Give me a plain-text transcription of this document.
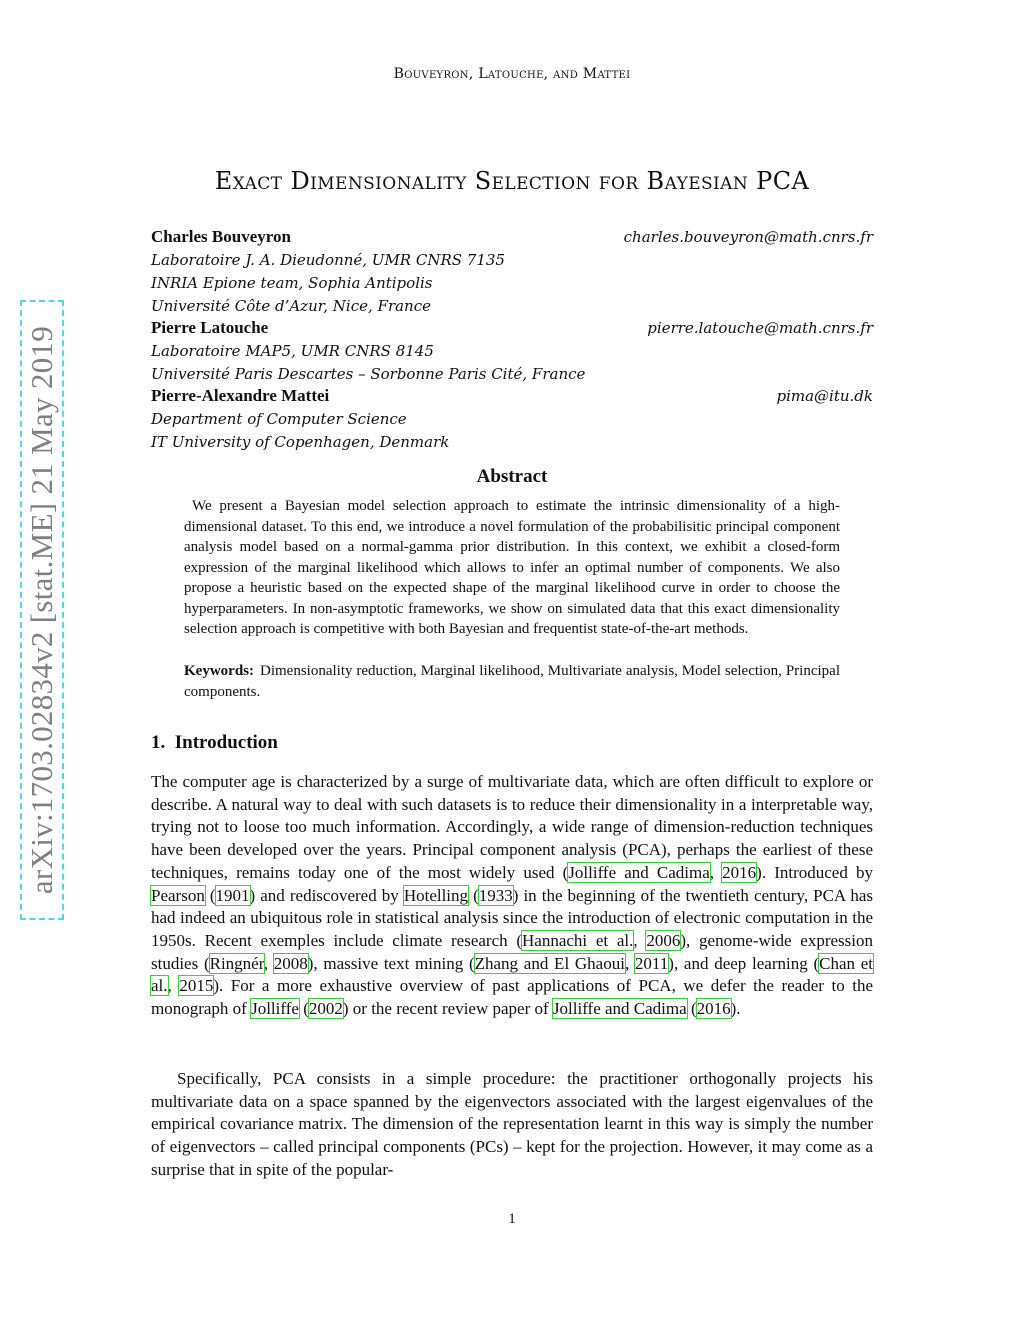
Bouveyron, Latouche, and Mattei
Exact Dimensionality Selection for Bayesian PCA
Charles Bouveyron	charles.bouveyron@math.cnrs.fr
Laboratoire J. A. Dieudonné, UMR CNRS 7135
INRIA Epione team, Sophia Antipolis
Université Côte d’Azur, Nice, France
Pierre Latouche	pierre.latouche@math.cnrs.fr
Laboratoire MAP5, UMR CNRS 8145
Université Paris Descartes – Sorbonne Paris Cité, France
Pierre-Alexandre Mattei	pima@itu.dk
Department of Computer Science
IT University of Copenhagen, Denmark
Abstract

We present a Bayesian model selection approach to estimate the intrinsic dimensionality of a high-dimensional dataset. To this end, we introduce a novel formulation of the probabilisitic principal component analysis model based on a normal-gamma prior distribution. In this context, we exhibit a closed-form expression of the marginal likelihood which allows to infer an optimal number of components. We also propose a heuristic based on the expected shape of the marginal likelihood curve in order to choose the hyperparameters. In non-asymptotic frameworks, we show on simulated data that this exact dimensionality selection approach is competitive with both Bayesian and frequentist state-of-the-art methods.

Keywords: Dimensionality reduction, Marginal likelihood, Multivariate analysis, Model selection, Principal components.
1. Introduction

The computer age is characterized by a surge of multivariate data, which are often difficult to explore or describe. A natural way to deal with such datasets is to reduce their dimensionality in a interpretable way, trying not to loose too much information. Accordingly, a wide range of dimension-reduction techniques have been developed over the years. Principal component analysis (PCA), perhaps the earliest of these techniques, remains today one of the most widely used (Jolliffe and Cadima, 2016). Introduced by Pearson (1901) and rediscovered by Hotelling (1933) in the beginning of the twentieth century, PCA has had indeed an ubiquitous role in statistical analysis since the introduction of electronic computation in the 1950s. Recent exemples include climate research (Hannachi et al., 2006), genome-wide expression studies (Ringnér, 2008), massive text mining (Zhang and El Ghaoui, 2011), and deep learning (Chan et al., 2015). For a more exhaustive overview of past applications of PCA, we defer the reader to the monograph of Jolliffe (2002) or the recent review paper of Jolliffe and Cadima (2016).

Specifically, PCA consists in a simple procedure: the practitioner orthogonally projects his multivariate data on a space spanned by the eigenvectors associated with the largest eigenvalues of the empirical covariance matrix. The dimension of the representation learnt in this way is simply the number of eigenvectors – called principal components (PCs) – kept for the projection. However, it may come as a surprise that in spite of the popular-

1
arXiv:1703.02834v2 [stat.ME] 21 May 2019
